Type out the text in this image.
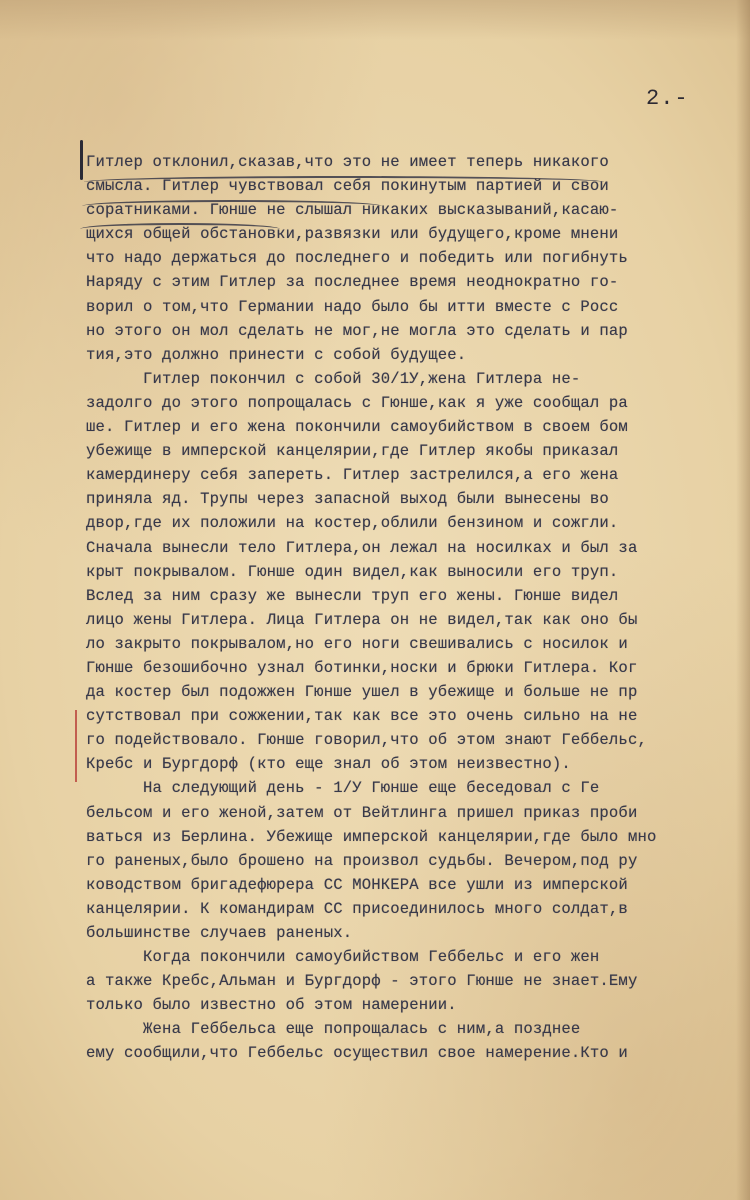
2.-
Гитлер отклонил,сказав,что это не имеет теперь никакого
смысла. Гитлер чувствовал себя покинутым партией и свои
соратниками. Гюнше не слышал никаких высказываний,касаю-
щихся общей обстановки,развязки или будущего,кроме мнени
что надо держаться до последнего и победить или погибнуть
Наряду с этим Гитлер за последнее время неоднократно го-
ворил о том,что Германии надо было бы итти вместе с Росс
но этого он мол сделать не мог,не могла это сделать и пар
тия,это должно принести с собой будущее.
Гитлер покончил с собой 30/1У,жена Гитлера не-
задолго до этого попрощалась с Гюнше,как я уже сообщал ра
ше. Гитлер и его жена покончили самоубийством в своем бом
убежище в имперской канцелярии,где Гитлер якобы приказал
камердинеру себя запереть. Гитлер застрелился,а его жена
приняла яд. Трупы через запасной выход были вынесены во
двор,где их положили на костер,облили бензином и сожгли.
Сначала вынесли тело Гитлера,он лежал на носилках и был за
крыт покрывалом. Гюнше один видел,как выносили его труп.
Вслед за ним сразу же вынесли труп его жены. Гюнше видел
лицо жены Гитлера. Лица Гитлера он не видел,так как оно бы
ло закрыто покрывалом,но его ноги свешивались с носилок и
Гюнше безошибочно узнал ботинки,носки и брюки Гитлера. Ког
да костер был подожжен Гюнше ушел в убежище и больше не пр
сутствовал при сожжении,так как все это очень сильно на не
го подействовало. Гюнше говорил,что об этом знают Геббельс,
Кребс и Бургдорф (кто еще знал об этом неизвестно).
На следующий день - 1/У Гюнше еще беседовал с Ге
бельсом и его женой,затем от Вейтлинга пришел приказ проби
ваться из Берлина. Убежище имперской канцелярии,где было мно
го раненых,было брошено на произвол судьбы. Вечером,под ру
ководством бригадефюрера СС МОНКЕРА все ушли из имперской
канцелярии. К командирам СС присоединилось много солдат,в
большинстве случаев раненых.
Когда покончили самоубийством Геббельс и его жен
а также Кребс,Альман и Бургдорф - этого Гюнше не знает.Ему
только было известно об этом намерении.
Жена Геббельса еще попрощалась с ним,а позднее
ему сообщили,что Геббельс осуществил свое намерение.Кто и
